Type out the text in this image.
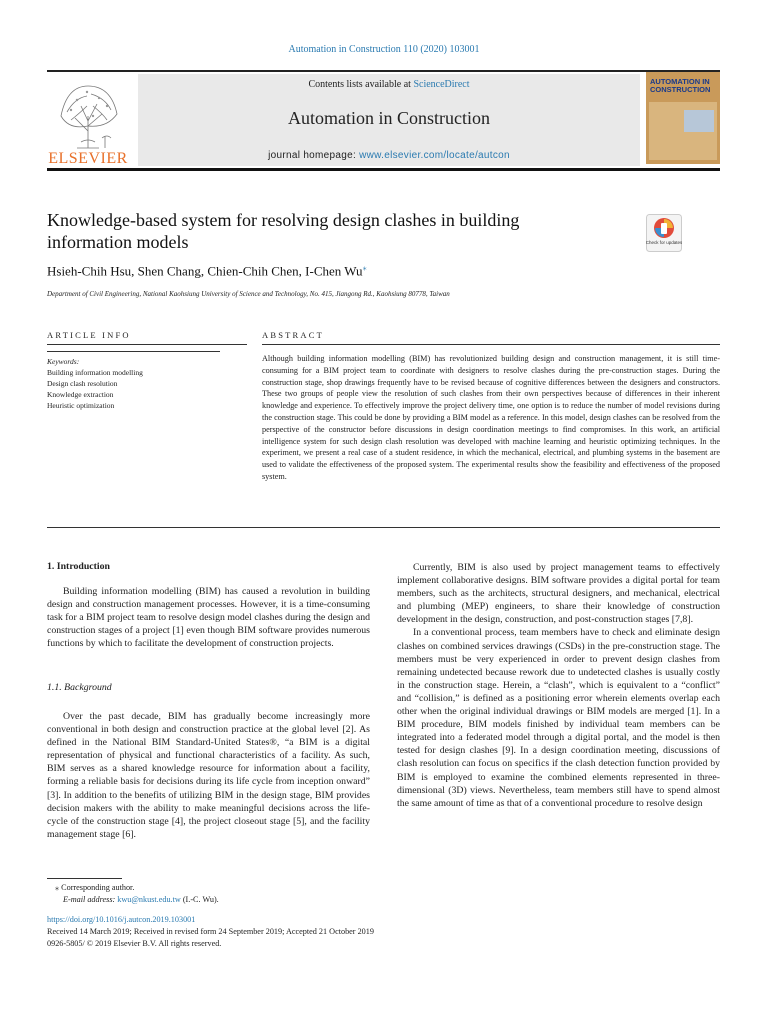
Automation in Construction 110 (2020) 103001
ELSEVIER
Contents lists available at ScienceDirect
Automation in Construction
journal homepage: www.elsevier.com/locate/autcon
AUTOMATION IN CONSTRUCTION
Knowledge-based system for resolving design clashes in building information models	Check for updates
Hsieh-Chih Hsu, Shen Chang, Chien-Chih Chen, I-Chen Wu⁎
Department of Civil Engineering, National Kaohsiung University of Science and Technology, No. 415, Jiangong Rd., Kaohsiung 80778, Taiwan
ARTICLE INFO	ABSTRACT
Keywords:
Building information modelling
Design clash resolution
Knowledge extraction
Heuristic optimization
Although building information modelling (BIM) has revolutionized building design and construction management, it is still time-consuming for a BIM project team to coordinate with designers to resolve clashes during the pre-construction stages. During the construction stage, shop drawings frequently have to be revised because of cognitive differences between the designers and constructors. These two groups of people view the resolution of such clashes from their own perspectives because of differences in their inherent knowledge and experience. To effectively improve the project delivery time, one option is to reduce the number of model revisions during the construction stage. This could be done by providing a BIM model as a reference. In this model, design clashes can be resolved from the perspective of the constructor before discussions in design coordination meetings to find compromises. In this work, an artificial intelligence system for such design clash resolution was developed with machine learning and heuristic optimizing techniques. In the experiment, we present a real case of a student residence, in which the mechanical, electrical, and plumbing systems in the basement are used to validate the effectiveness of the proposed system. The experimental results show the feasibility and effectiveness of the proposed system.
1. Introduction

Building information modelling (BIM) has caused a revolution in building design and construction management processes. However, it is a time-consuming task for a BIM project team to resolve design model clashes during the design and construction stages of a project [1] even though BIM software provides numerous functions by which to facilitate the development of construction projects.

1.1. Background

Over the past decade, BIM has gradually become increasingly more conventional in both design and construction practice at the global level [2]. As defined in the National BIM Standard-United States®, “a BIM is a digital representation of physical and functional characteristics of a facility. As such, BIM serves as a shared knowledge resource for information about a facility, forming a reliable basis for decisions during its life cycle from inception onward” [3]. In addition to the benefits of utilizing BIM in the design stage, BIM provides decision makers with the ability to make meaningful decisions across the life-cycle of the construction stage [4], the project closeout stage [5], and the facility management stage [6].

Currently, BIM is also used by project management teams to effectively implement collaborative designs. BIM software provides a digital portal for team members, such as the architects, structural designers, and mechanical, electrical and plumbing (MEP) engineers, to share their knowledge of construction development in the design, construction, and post-construction stages [7,8].

In a conventional process, team members have to check and eliminate design clashes on combined services drawings (CSDs) in the pre-construction stage. The members must be very experienced in order to prevent design clashes from remaining undetected because rework due to undetected clashes is usually costly in the construction stage. Herein, a “clash”, which is equivalent to a “conflict” and “collision,” is defined as a positioning error wherein elements overlap each other when the original individual drawings or BIM models are merged [1]. In a BIM procedure, BIM models finished by individual team members can be integrated into a federated model through a digital portal, and the model is then tested for design clashes [9]. In a design coordination meeting, discussions of clash resolution can focus on specifics if the clash detection function provided by BIM is employed to examine the combined elements represented in three-dimensional (3D) views. Nevertheless, team members still have to spend almost the same amount of time as that of a conventional procedure to resolve design

⁎ Corresponding author.
E-mail address: kwu@nkust.edu.tw (I.-C. Wu).
https://doi.org/10.1016/j.autcon.2019.103001
Received 14 March 2019; Received in revised form 24 September 2019; Accepted 21 October 2019
0926-5805/ © 2019 Elsevier B.V. All rights reserved.
